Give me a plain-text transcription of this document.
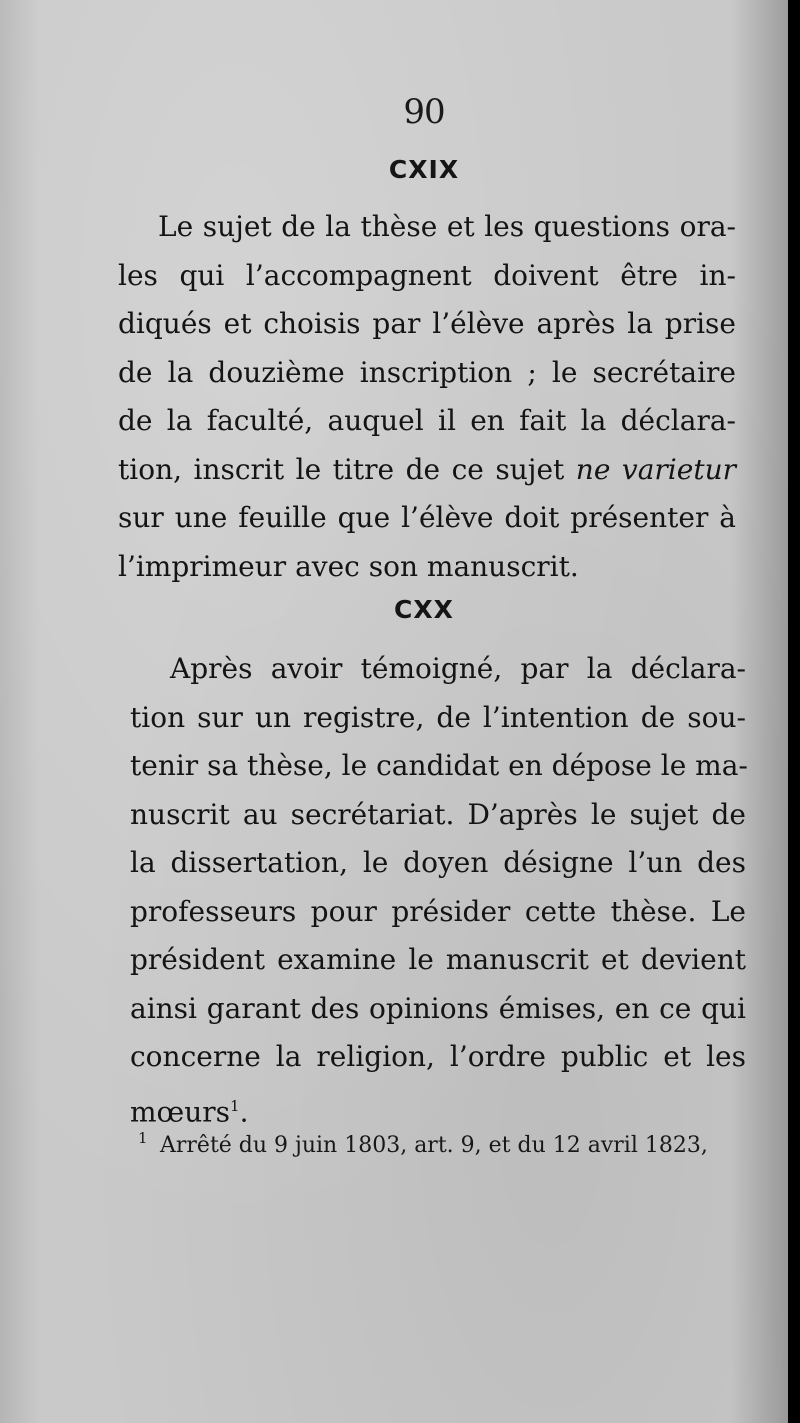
90
CXIX
Le sujet de la thèse et les questions ora-
les qui l’accompagnent doivent être in-
diqués et choisis par l’élève après la prise
de la douzième inscription ; le secrétaire
de la faculté, auquel il en fait la déclara-
tion, inscrit le titre de ce sujet ne varietur
sur une feuille que l’élève doit présenter à
l’imprimeur avec son manuscrit.
CXX
Après avoir témoigné, par la déclara-
tion sur un registre, de l’intention de sou-
tenir sa thèse, le candidat en dépose le ma-
nuscrit au secrétariat. D’après le sujet de
la dissertation, le doyen désigne l’un des
professeurs pour présider cette thèse. Le
président examine le manuscrit et devient
ainsi garant des opinions émises, en ce qui
concerne la religion, l’ordre public et les
mœurs$^1$.
1 Arrêté du 9 juin 1803, art. 9, et du 12 avril 1823,
